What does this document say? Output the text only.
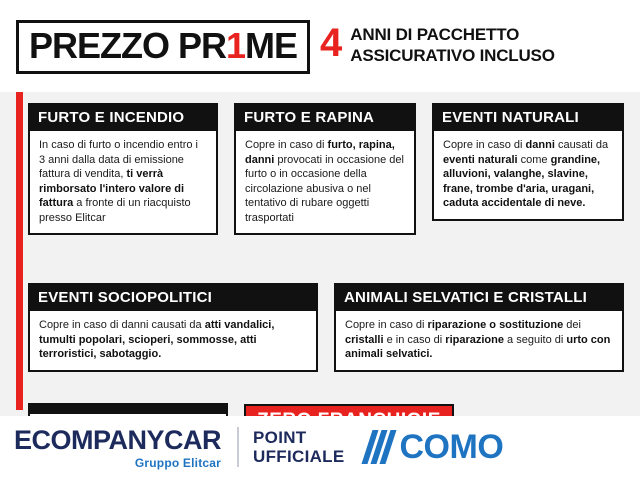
PREZZO PR1ME 4 ANNI DI PACCHETTO
ASSICURATIVO INCLUSO
FURTO E INCENDIO
In caso di furto o incendio entro i 3 anni dalla data di emissione fattura di vendita, ti verrà rimborsato l'intero valore di fattura a fronte di un riacquisto presso Elitcar
FURTO E RAPINA
Copre in caso di furto, rapina, danni provocati in occasione del furto o in occasione della circolazione abusiva o nel tentativo di rubare oggetti trasportati
EVENTI NATURALI
Copre in caso di danni causati da eventi naturali come grandine, alluvioni, valanghe, slavine, frane, trombe d'aria, uragani, caduta accidentale di neve.
EVENTI SOCIOPOLITICI
Copre in caso di danni causati da atti vandalici, tumulti popolari, scioperi, sommosse, atti terroristici, sabotaggio.
ANIMALI SELVATICI E CRISTALLI
Copre in caso di riparazione o sostituzione dei cristalli e in caso di riparazione a seguito di urto con animali selvatici.
E COMPANY CAR
Gruppo Elitcar
POINT
UFFICIALE COMO
